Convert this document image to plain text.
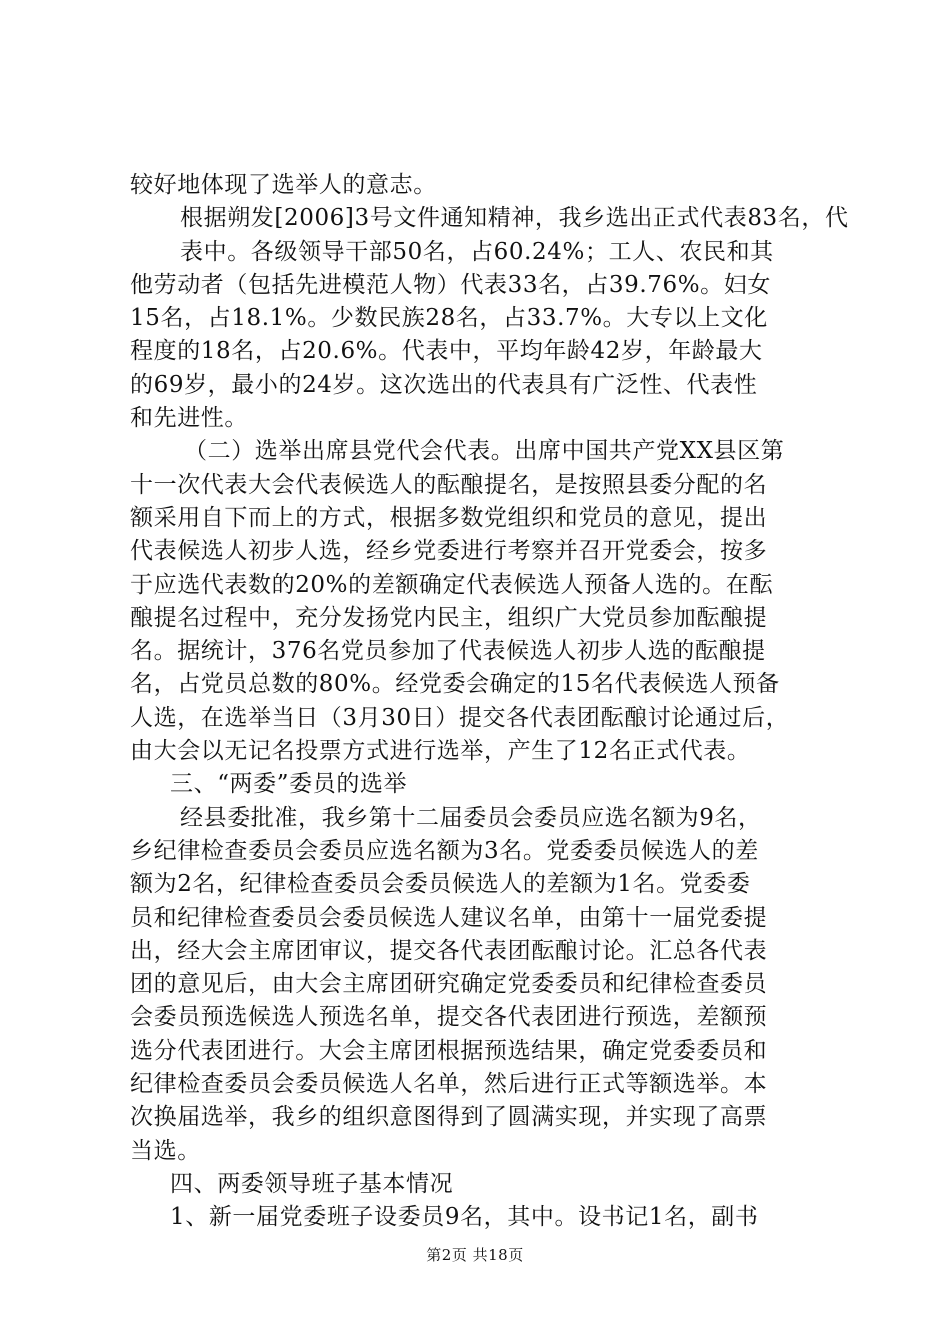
较好地体现了选举人的意志。
根据朔发[2006]3号文件通知精神，我乡选出正式代表83名，代
表中。各级领导干部50名，占60.24%；工人、农民和其
他劳动者（包括先进模范人物）代表33名，占39.76%。妇女
15名，占18.1%。少数民族28名，占33.7%。大专以上文化
程度的18名，占20.6%。代表中，平均年龄42岁，年龄最大
的69岁，最小的24岁。这次选出的代表具有广泛性、代表性
和先进性。
（二）选举出席县党代会代表。出席中国共产党XX县区第
十一次代表大会代表候选人的酝酿提名，是按照县委分配的名
额采用自下而上的方式，根据多数党组织和党员的意见，提出
代表候选人初步人选，经乡党委进行考察并召开党委会，按多
于应选代表数的20%的差额确定代表候选人预备人选的。在酝
酿提名过程中，充分发扬党内民主，组织广大党员参加酝酿提
名。据统计，376名党员参加了代表候选人初步人选的酝酿提
名，占党员总数的80%。经党委会确定的15名代表候选人预备
人选，在选举当日（3月30日）提交各代表团酝酿讨论通过后，
由大会以无记名投票方式进行选举，产生了12名正式代表。
三、“两委”委员的选举
经县委批准，我乡第十二届委员会委员应选名额为9名，
乡纪律检查委员会委员应选名额为3名。党委委员候选人的差
额为2名，纪律检查委员会委员候选人的差额为1名。党委委
员和纪律检查委员会委员候选人建议名单，由第十一届党委提
出，经大会主席团审议，提交各代表团酝酿讨论。汇总各代表
团的意见后，由大会主席团研究确定党委委员和纪律检查委员
会委员预选候选人预选名单，提交各代表团进行预选，差额预
选分代表团进行。大会主席团根据预选结果，确定党委委员和
纪律检查委员会委员候选人名单，然后进行正式等额选举。本
次换届选举，我乡的组织意图得到了圆满实现，并实现了高票
当选。
四、两委领导班子基本情况
1、新一届党委班子设委员9名，其中。设书记1名，副书
第2页 共18页
